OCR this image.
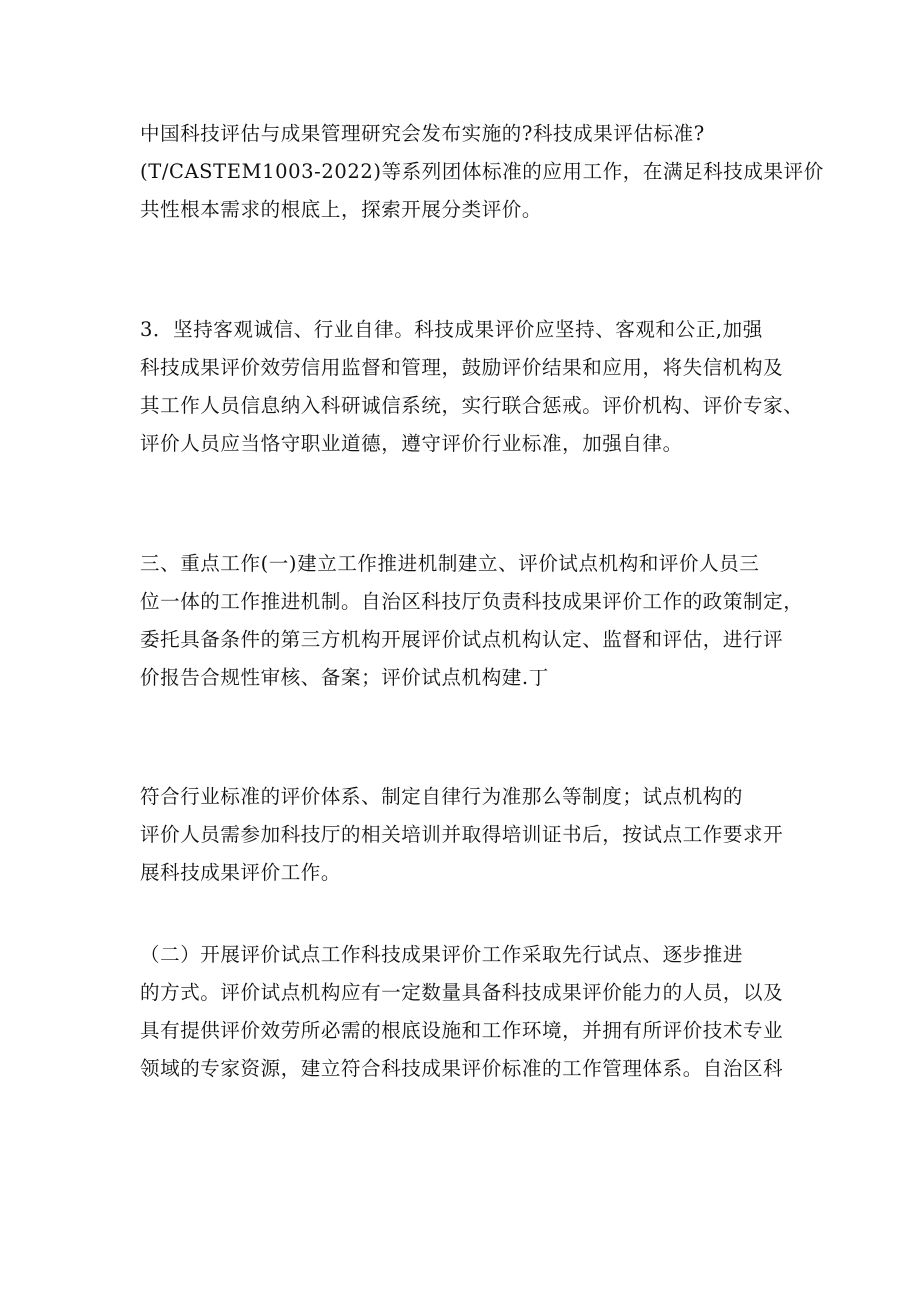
中国科技评估与成果管理研究会发布实施的?科技成果评估标准?
(T/CASTEM1003-2022)等系列团体标准的应用工作，在满足科技成果评价
共性根本需求的根底上，探索开展分类评价。
3．坚持客观诚信、行业自律。科技成果评价应坚持、客观和公正,加强
科技成果评价效劳信用监督和管理，鼓励评价结果和应用，将失信机构及
其工作人员信息纳入科研诚信系统，实行联合惩戒。评价机构、评价专家、
评价人员应当恪守职业道德，遵守评价行业标准，加强自律。
三、重点工作(一)建立工作推进机制建立、评价试点机构和评价人员三
位一体的工作推进机制。自治区科技厅负责科技成果评价工作的政策制定，
委托具备条件的第三方机构开展评价试点机构认定、监督和评估，进行评
价报告合规性审核、备案；评价试点机构建.丁
符合行业标准的评价体系、制定自律行为准那么等制度；试点机构的
评价人员需参加科技厅的相关培训并取得培训证书后，按试点工作要求开
展科技成果评价工作。
（二）开展评价试点工作科技成果评价工作采取先行试点、逐步推进
的方式。评价试点机构应有一定数量具备科技成果评价能力的人员，以及
具有提供评价效劳所必需的根底设施和工作环境，并拥有所评价技术专业
领域的专家资源，建立符合科技成果评价标准的工作管理体系。自治区科
